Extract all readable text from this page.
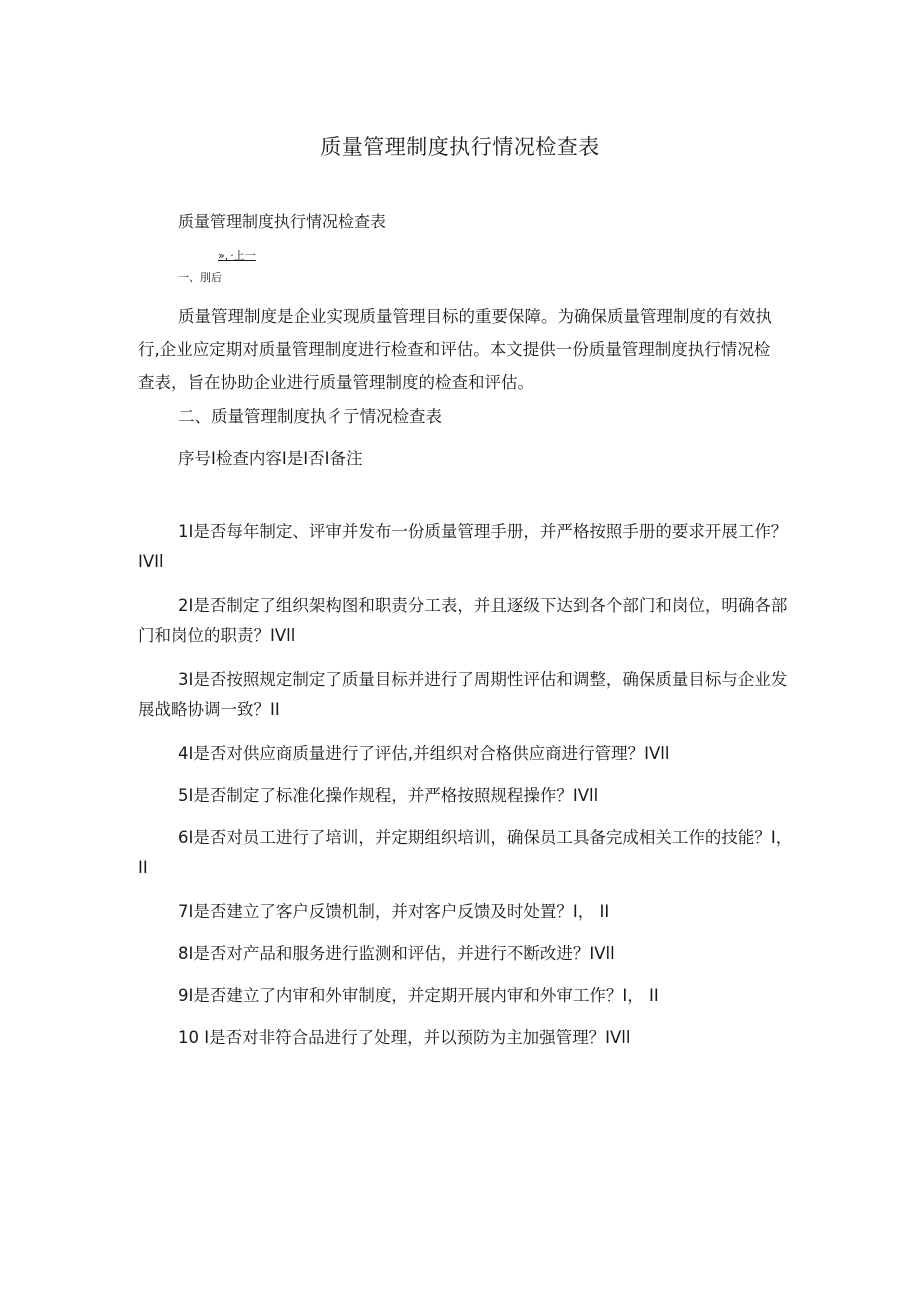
质量管理制度执行情况检查表
质量管理制度执行情况检查表
»，·上一
一、刖后
质量管理制度是企业实现质量管理目标的重要保障。为确保质量管理制度的有效执行,企业应定期对质量管理制度进行检查和评估。本文提供一份质量管理制度执行情况检查表，旨在协助企业进行质量管理制度的检查和评估。
二、质量管理制度执彳亍情况检查表
序号I检查内容I是I否I备注
1I是否每年制定、评审并发布一份质量管理手册，并严格按照手册的要求开展工作？IVIl
2I是否制定了组织架构图和职责分工表，并且逐级下达到各个部门和岗位，明确各部门和岗位的职责？IVll
3I是否按照规定制定了质量目标并进行了周期性评估和调整，确保质量目标与企业发展战略协调一致？II
4I是否对供应商质量进行了评估,并组织对合格供应商进行管理？IVll
5I是否制定了标准化操作规程，并严格按照规程操作？IVll
6I是否对员工进行了培训，并定期组织培训，确保员工具备完成相关工作的技能？I， II
7I是否建立了客户反馈机制，并对客户反馈及时处置？I， II
8I是否对产品和服务进行监测和评估，并进行不断改进？IVll
9I是否建立了内审和外审制度，并定期开展内审和外审工作？I， II
10 I是否对非符合品进行了处理，并以预防为主加强管理？IVll
